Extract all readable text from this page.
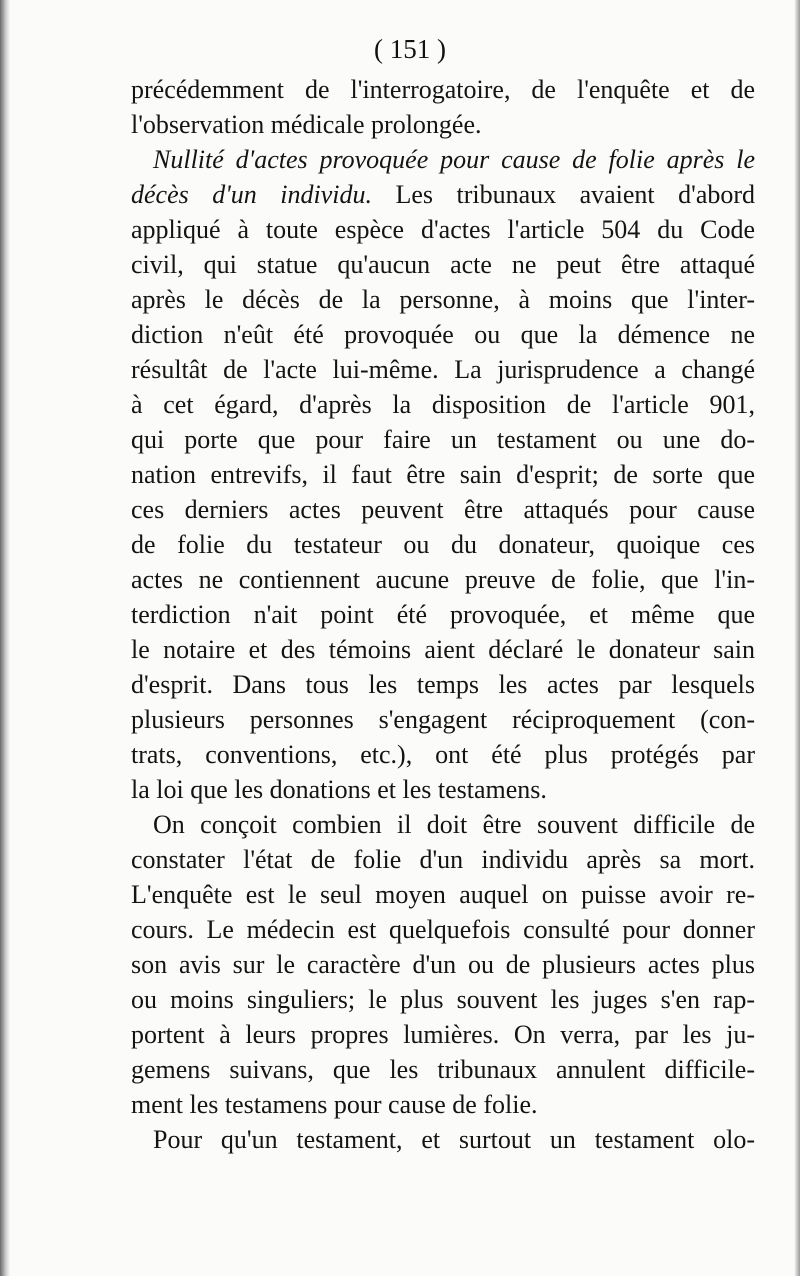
( 151 )

précédemment de l'interrogatoire, de l'enquête et de
l'observation médicale prolongée.

Nullité d'actes provoquée pour cause de folie après le
décès d'un individu. Les tribunaux avaient d'abord
appliqué à toute espèce d'actes l'article 504 du Code
civil, qui statue qu'aucun acte ne peut être attaqué
après le décès de la personne, à moins que l'inter-
diction n'eût été provoquée ou que la démence ne
résultât de l'acte lui-même. La jurisprudence a changé
à cet égard, d'après la disposition de l'article 901,
qui porte que pour faire un testament ou une do-
nation entrevifs, il faut être sain d'esprit; de sorte que
ces derniers actes peuvent être attaqués pour cause
de folie du testateur ou du donateur, quoique ces
actes ne contiennent aucune preuve de folie, que l'in-
terdiction n'ait point été provoquée, et même que
le notaire et des témoins aient déclaré le donateur sain
d'esprit. Dans tous les temps les actes par lesquels
plusieurs personnes s'engagent réciproquement (con-
trats, conventions, etc.), ont été plus protégés par
la loi que les donations et les testamens.

On conçoit combien il doit être souvent difficile de
constater l'état de folie d'un individu après sa mort.
L'enquête est le seul moyen auquel on puisse avoir re-
cours. Le médecin est quelquefois consulté pour donner
son avis sur le caractère d'un ou de plusieurs actes plus
ou moins singuliers; le plus souvent les juges s'en rap-
portent à leurs propres lumières. On verra, par les ju-
gemens suivans, que les tribunaux annulent difficile-
ment les testamens pour cause de folie.

Pour qu'un testament, et surtout un testament olo-
